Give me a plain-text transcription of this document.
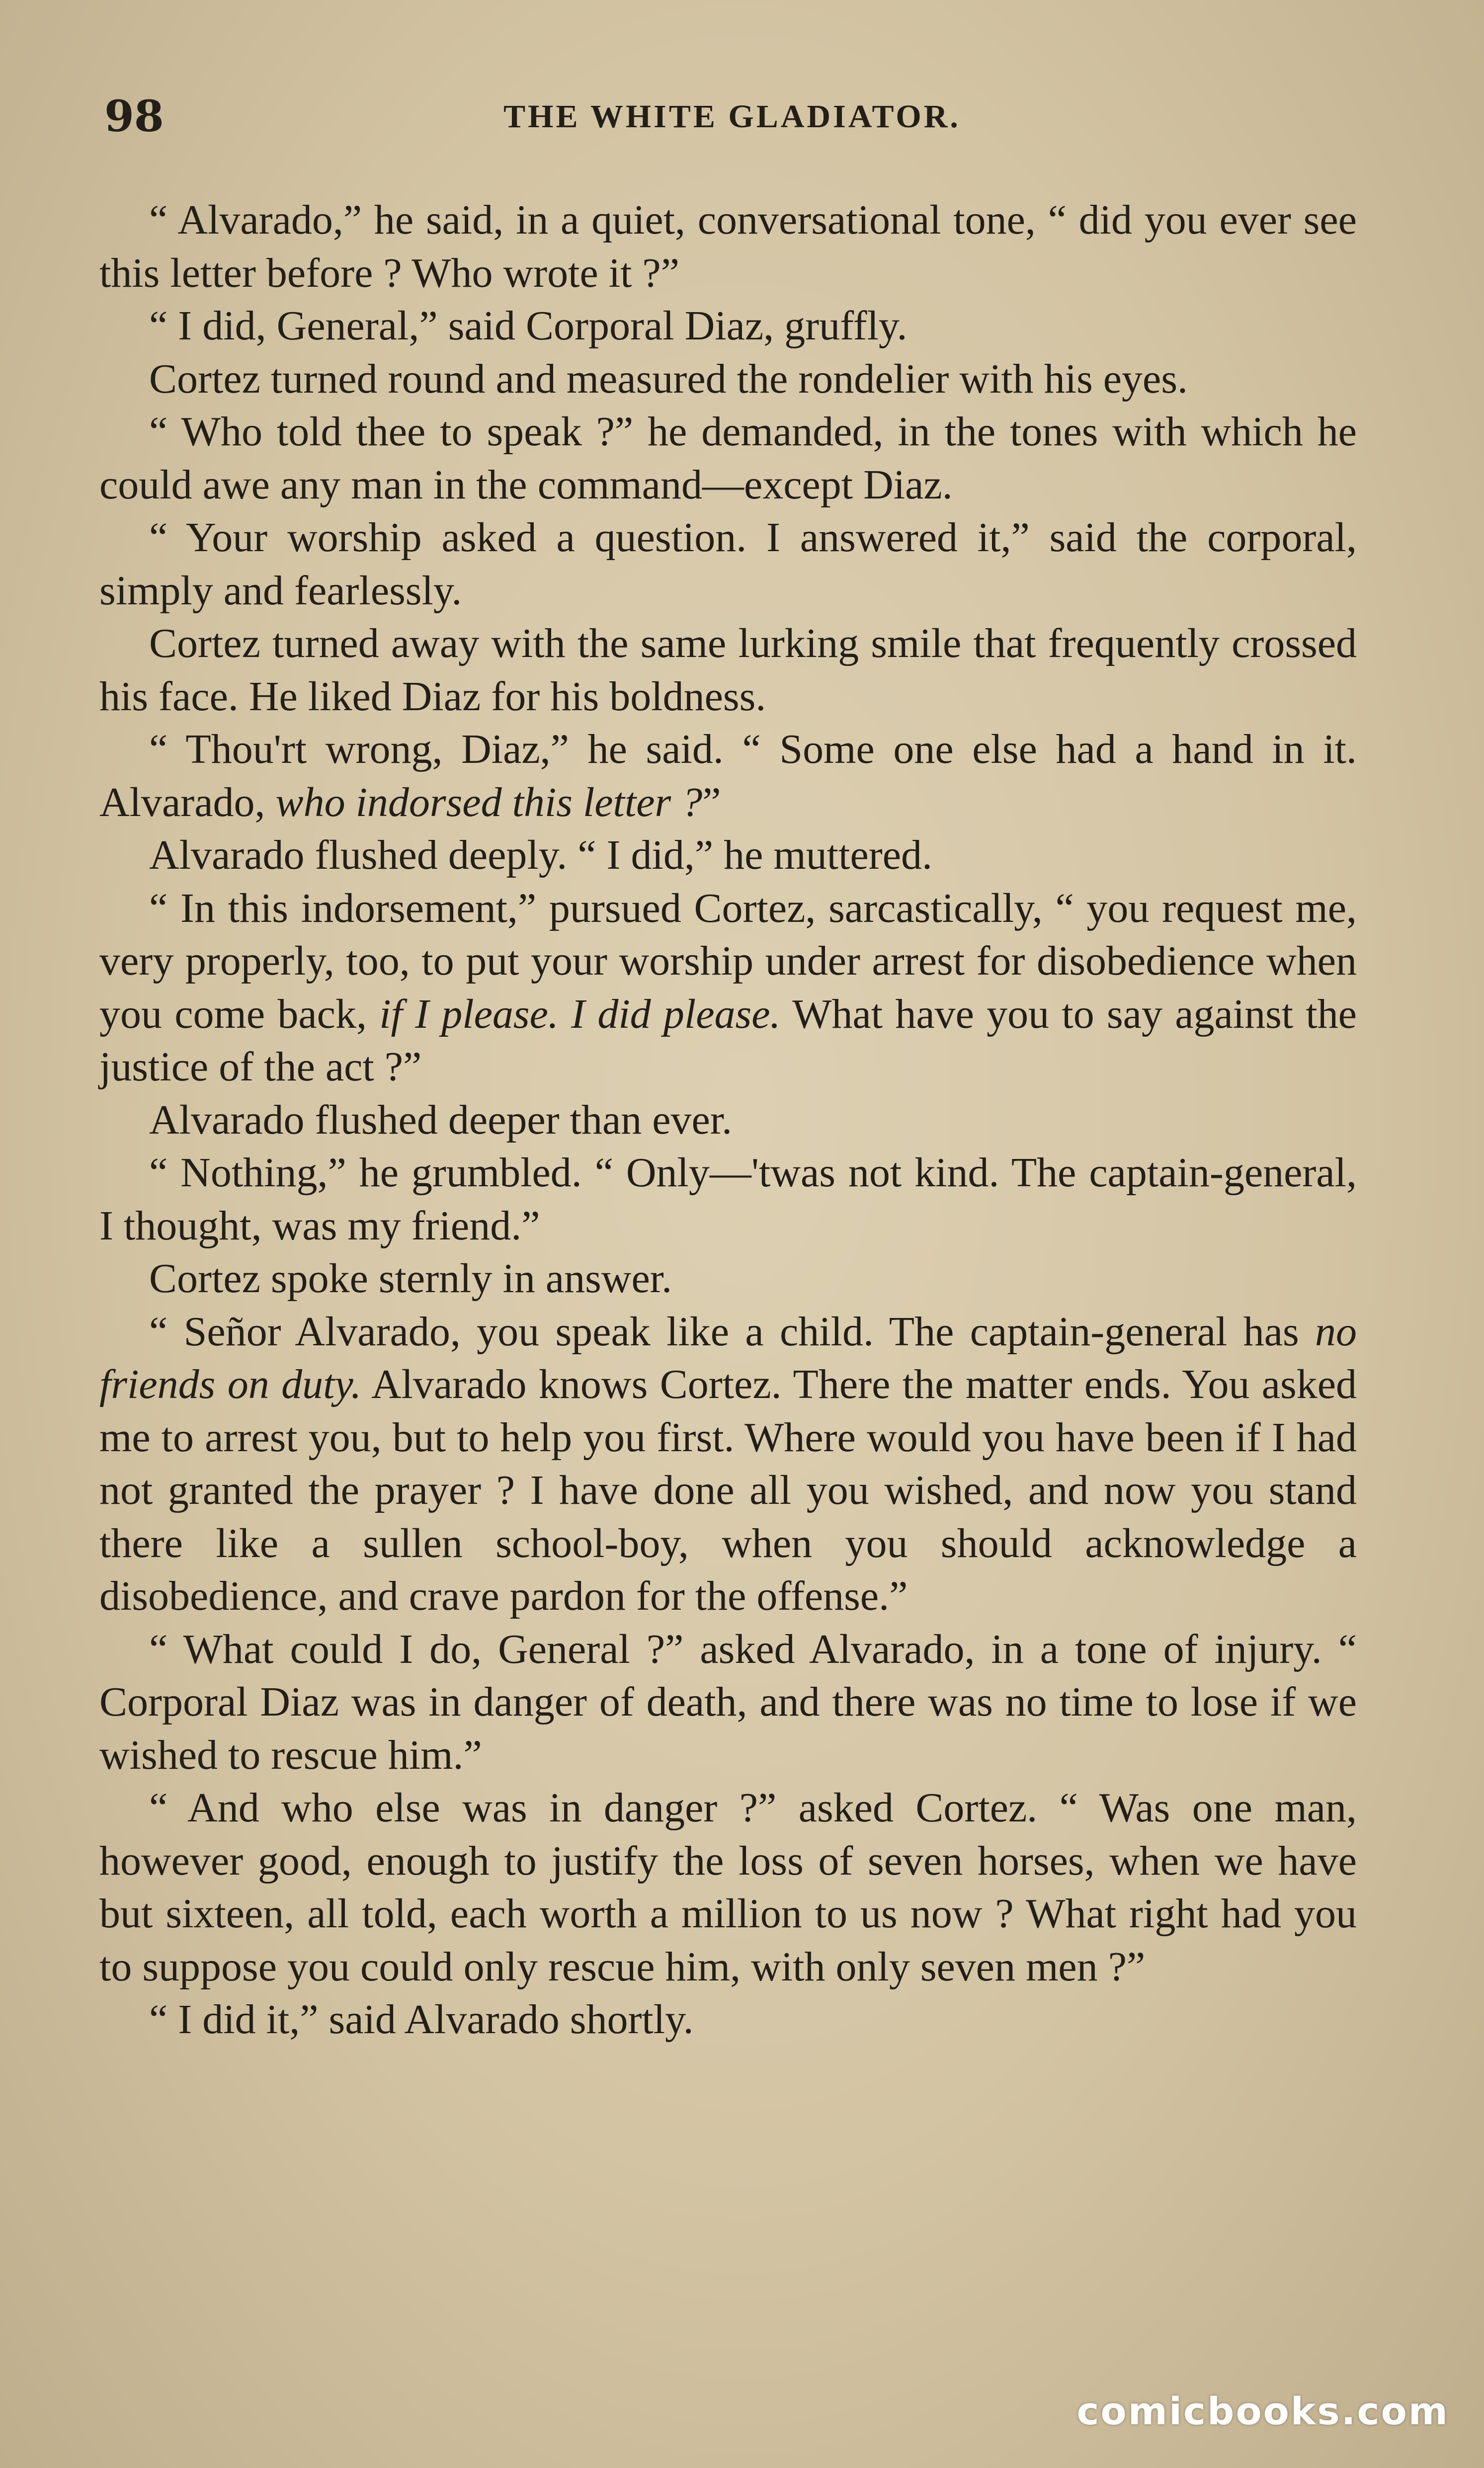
98	THE WHITE GLADIATOR.

“ Alvarado,” he said, in a quiet, conversational tone, “ did you ever see this letter before ? Who wrote it ?”

“ I did, General,” said Corporal Diaz, gruffly.

Cortez turned round and measured the rondelier with his eyes.

“ Who told thee to speak ?” he demanded, in the tones with which he could awe any man in the command—except Diaz.

“ Your worship asked a question. I answered it,” said the corporal, simply and fearlessly.

Cortez turned away with the same lurking smile that frequently crossed his face. He liked Diaz for his boldness.

“ Thou'rt wrong, Diaz,” he said. “ Some one else had a hand in it. Alvarado, who indorsed this letter ?”

Alvarado flushed deeply. “ I did,” he muttered.

“ In this indorsement,” pursued Cortez, sarcastically, “ you request me, very properly, too, to put your worship under arrest for disobedience when you come back, if I please. I did please. What have you to say against the justice of the act ?”

Alvarado flushed deeper than ever.

“ Nothing,” he grumbled. “ Only—'twas not kind. The captain-general, I thought, was my friend.”

Cortez spoke sternly in answer.

“ Señor Alvarado, you speak like a child. The captain-general has no friends on duty. Alvarado knows Cortez. There the matter ends. You asked me to arrest you, but to help you first. Where would you have been if I had not granted the prayer ? I have done all you wished, and now you stand there like a sullen school-boy, when you should acknowledge a disobedience, and crave pardon for the offense.”

“ What could I do, General ?” asked Alvarado, in a tone of injury. “ Corporal Diaz was in danger of death, and there was no time to lose if we wished to rescue him.”

“ And who else was in danger ?” asked Cortez. “ Was one man, however good, enough to justify the loss of seven horses, when we have but sixteen, all told, each worth a million to us now ? What right had you to suppose you could only rescue him, with only seven men ?”

“ I did it,” said Alvarado shortly.

comicbooks.com
